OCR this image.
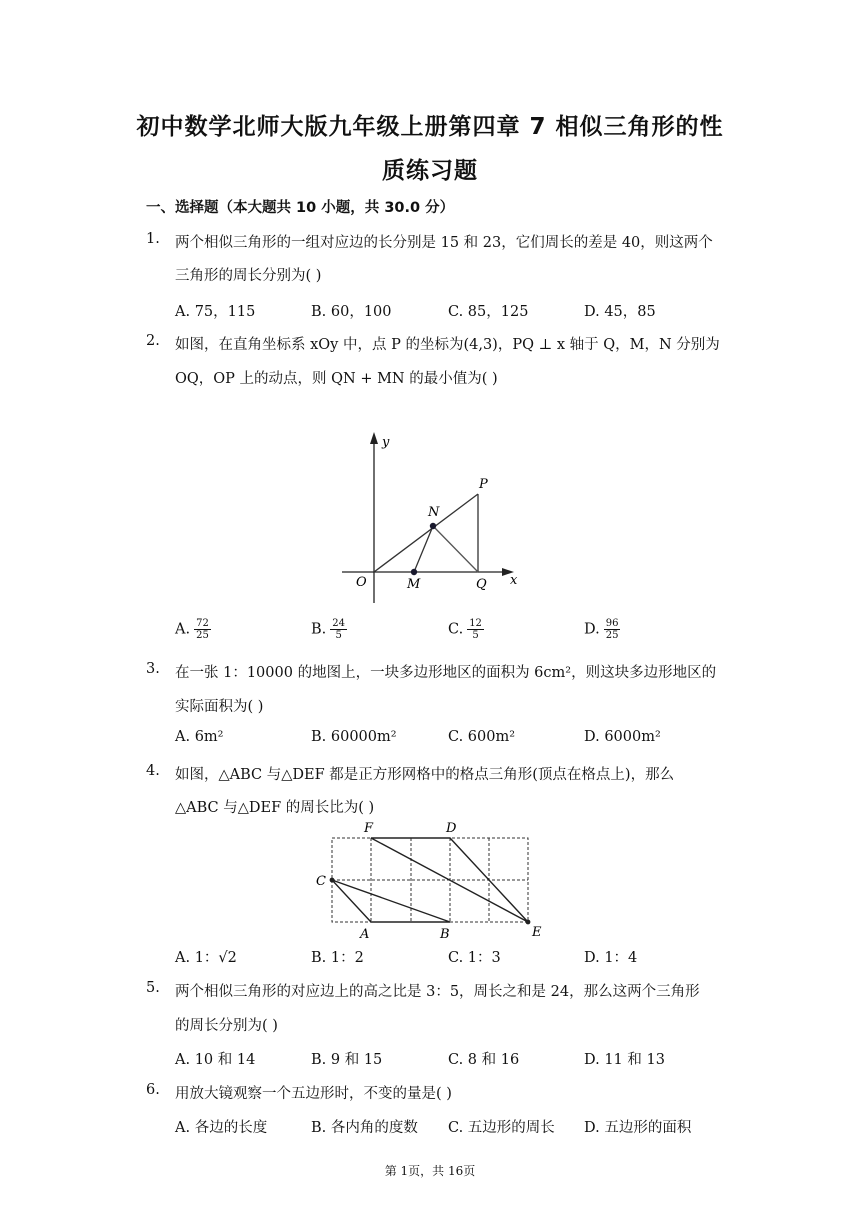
初中数学北师大版九年级上册第四章 7 相似三角形的性
质练习题
一、选择题（本大题共 10 小题，共 30.0 分）
1. 两个相似三角形的一组对应边的长分别是 15 和 23，它们周长的差是 40，则这两个
三角形的周长分别为( )
A. 75，115	B. 60，100	C. 85，125	D. 45，85
2. 如图，在直角坐标系 xOy 中，点 P 的坐标为(4,3)，PQ ⊥ x 轴于 Q，M，N 分别为
OQ，OP 上的动点，则 QN + MN 的最小值为( )
y
x
O	M	Q
N
P
A. $\frac{72}{25}$	B. $\frac{24}{5}$	C. $\frac{12}{5}$	D. $\frac{96}{25}$
3. 在一张 1：10000 的地图上，一块多边形地区的面积为 6cm²，则这块多边形地区的
实际面积为( )
A. 6m²	B. 60000m²	C. 600m²	D. 6000m²
4. 如图，△ABC 与△DEF 都是正方形网格中的格点三角形(顶点在格点上)，那么
△ABC 与△DEF 的周长比为( )
F	D
C
A	B	E
A. 1：√2	B. 1：2	C. 1：3	D. 1：4
5. 两个相似三角形的对应边上的高之比是 3：5，周长之和是 24，那么这两个三角形
的周长分别为( )
A. 10 和 14	B. 9 和 15	C. 8 和 16	D. 11 和 13
6. 用放大镜观察一个五边形时，不变的量是( )
A. 各边的长度	B. 各内角的度数 C. 五边形的周长 D. 五边形的面积
第 1页，共 16页
